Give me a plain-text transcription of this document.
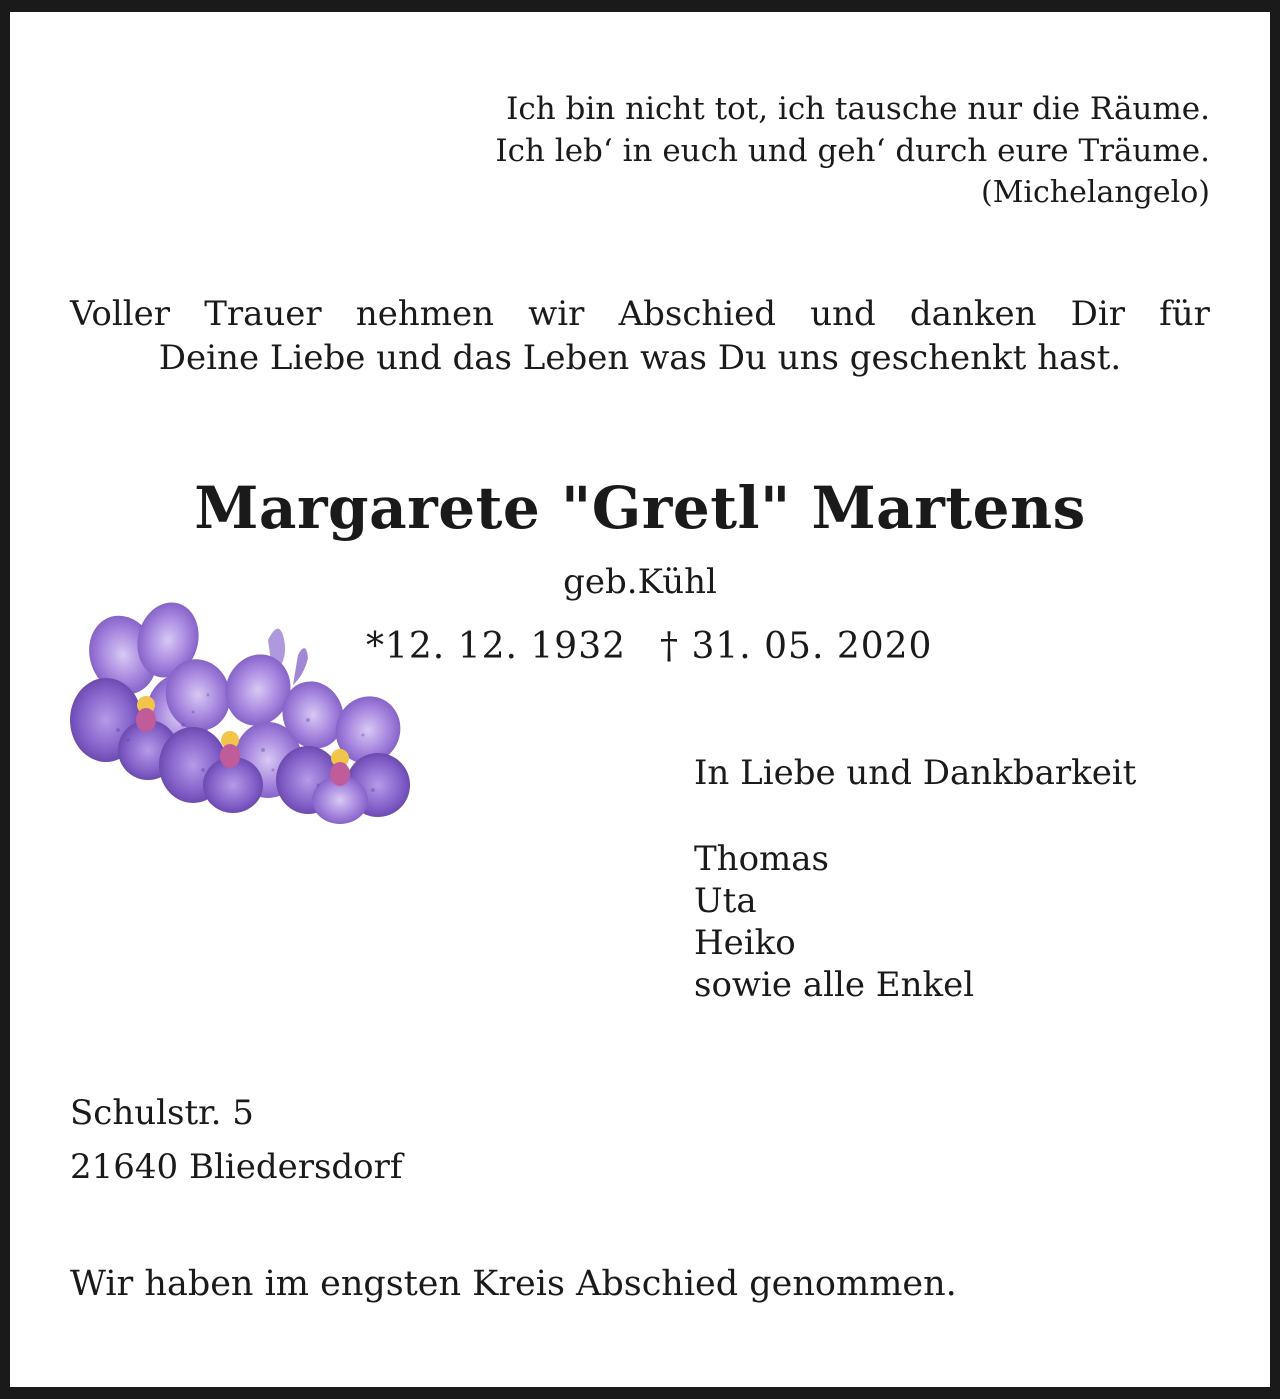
Ich bin nicht tot, ich tausche nur die Räume.
Ich leb‘ in euch und geh‘ durch eure Träume.
(Michelangelo)
Voller Trauer nehmen wir Abschied und danken Dir für
Deine Liebe und das Leben was Du uns geschenkt hast.
Margarete "Gretl" Martens
geb.Kühl
*12. 12. 1932 † 31. 05. 2020
In Liebe und Dankbarkeit
Thomas
Uta
Heiko
sowie alle Enkel
Schulstr. 5
21640 Bliedersdorf
Wir haben im engsten Kreis Abschied genommen.
